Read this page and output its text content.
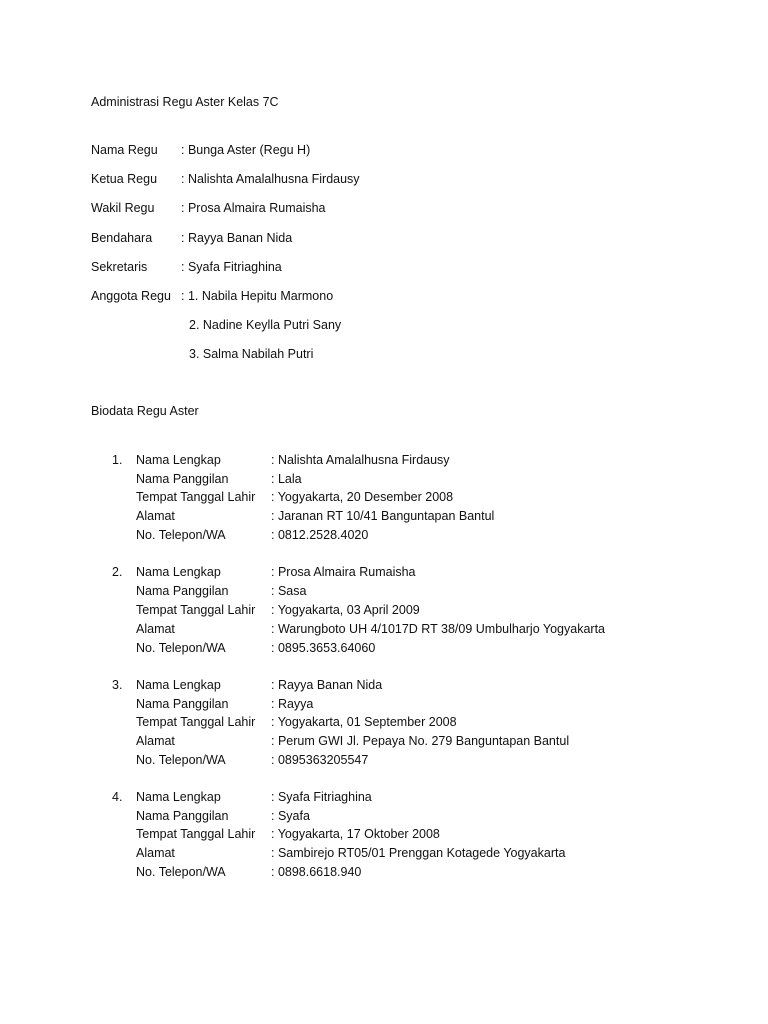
Administrasi Regu Aster Kelas 7C
Nama Regu : Bunga Aster (Regu H)
Ketua Regu : Nalishta Amalalhusna Firdausy
Wakil Regu : Prosa Almaira Rumaisha
Bendahara : Rayya Banan Nida
Sekretaris	: Syafa Fitriaghina
Anggota Regu : 1. Nabila Hepitu Marmono
2. Nadine Keylla Putri Sany
3. Salma Nabilah Putri
Biodata Regu Aster
1. Nama Lengkap	: Nalishta Amalalhusna Firdausy
Nama Panggilan	: Lala
Tempat Tanggal Lahir : Yogyakarta, 20 Desember 2008
Alamat	: Jaranan RT 10/41 Banguntapan Bantul
No. Telepon/WA	: 0812.2528.4020
2. Nama Lengkap	: Prosa Almaira Rumaisha
Nama Panggilan	: Sasa
Tempat Tanggal Lahir : Yogyakarta, 03 April 2009
Alamat	: Warungboto UH 4/1017D RT 38/09 Umbulharjo Yogyakarta
No. Telepon/WA	: 0895.3653.64060
3. Nama Lengkap	: Rayya Banan Nida
Nama Panggilan	: Rayya
Tempat Tanggal Lahir : Yogyakarta, 01 September 2008
Alamat	: Perum GWI Jl. Pepaya No. 279 Banguntapan Bantul
No. Telepon/WA	: 0895363205547
4. Nama Lengkap	: Syafa Fitriaghina
Nama Panggilan	: Syafa
Tempat Tanggal Lahir : Yogyakarta, 17 Oktober 2008
Alamat	: Sambirejo RT05/01 Prenggan Kotagede Yogyakarta
No. Telepon/WA	: 0898.6618.940
